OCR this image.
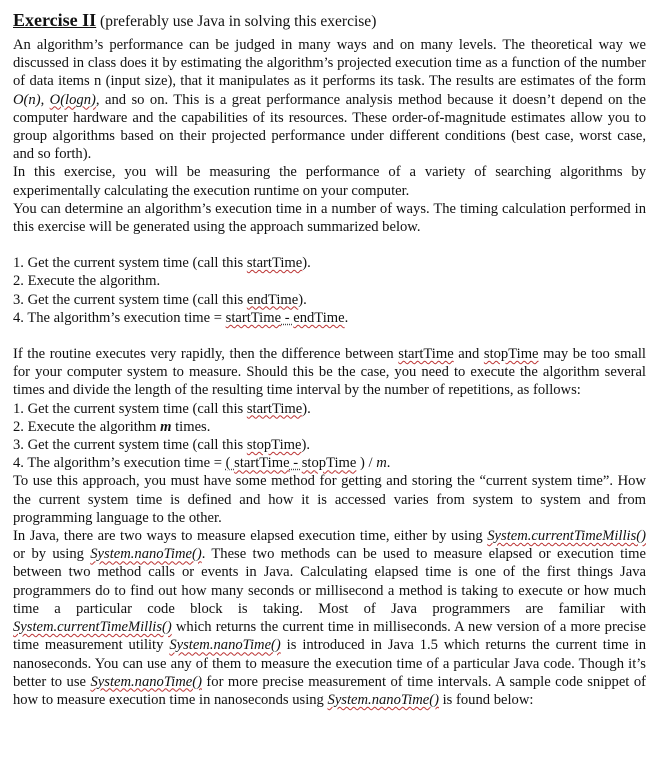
Exercise II (preferably use Java in solving this exercise)

An algorithm’s performance can be judged in many ways and on many levels. The theoretical way we discussed in class does it by estimating the algorithm’s projected execution time as a function of the number of data items n (input size), that it manipulates as it performs its task. The results are estimates of the form O(n), O(logn), and so on. This is a great performance analysis method because it doesn’t depend on the computer hardware and the capabilities of its resources. These order-of-magnitude estimates allow you to group algorithms based on their projected performance under different conditions (best case, worst case, and so forth).

In this exercise, you will be measuring the performance of a variety of searching algorithms by experimentally calculating the execution runtime on your computer.

You can determine an algorithm’s execution time in a number of ways. The timing calculation performed in this exercise will be generated using the approach summarized below.

1. Get the current system time (call this startTime).
2. Execute the algorithm.
3. Get the current system time (call this endTime).
4. The algorithm’s execution time = startTime - endTime.

If the routine executes very rapidly, then the difference between startTime and stopTime may be too small for your computer system to measure. Should this be the case, you need to execute the algorithm several times and divide the length of the resulting time interval by the number of repetitions, as follows:

1. Get the current system time (call this startTime).
2. Execute the algorithm m times.
3. Get the current system time (call this stopTime).
4. The algorithm’s execution time = ( startTime - stopTime ) / m.

To use this approach, you must have some method for getting and storing the “current system time”. How the current system time is defined and how it is accessed varies from system to system and from programming language to the other.

In Java, there are two ways to measure elapsed execution time, either by using System.currentTimeMillis() or by using System.nanoTime(). These two methods can be used to measure elapsed or execution time between two method calls or events in Java. Calculating elapsed time is one of the first things Java programmers do to find out how many seconds or millisecond a method is taking to execute or how much time a particular code block is taking. Most of Java programmers are familiar with System.currentTimeMillis() which returns the current time in milliseconds. A new version of a more precise time measurement utility System.nanoTime() is introduced in Java 1.5 which returns the current time in nanoseconds. You can use any of them to measure the execution time of a particular Java code. Though it’s better to use System.nanoTime() for more precise measurement of time intervals. A sample code snippet of how to measure execution time in nanoseconds using System.nanoTime() is found below:
